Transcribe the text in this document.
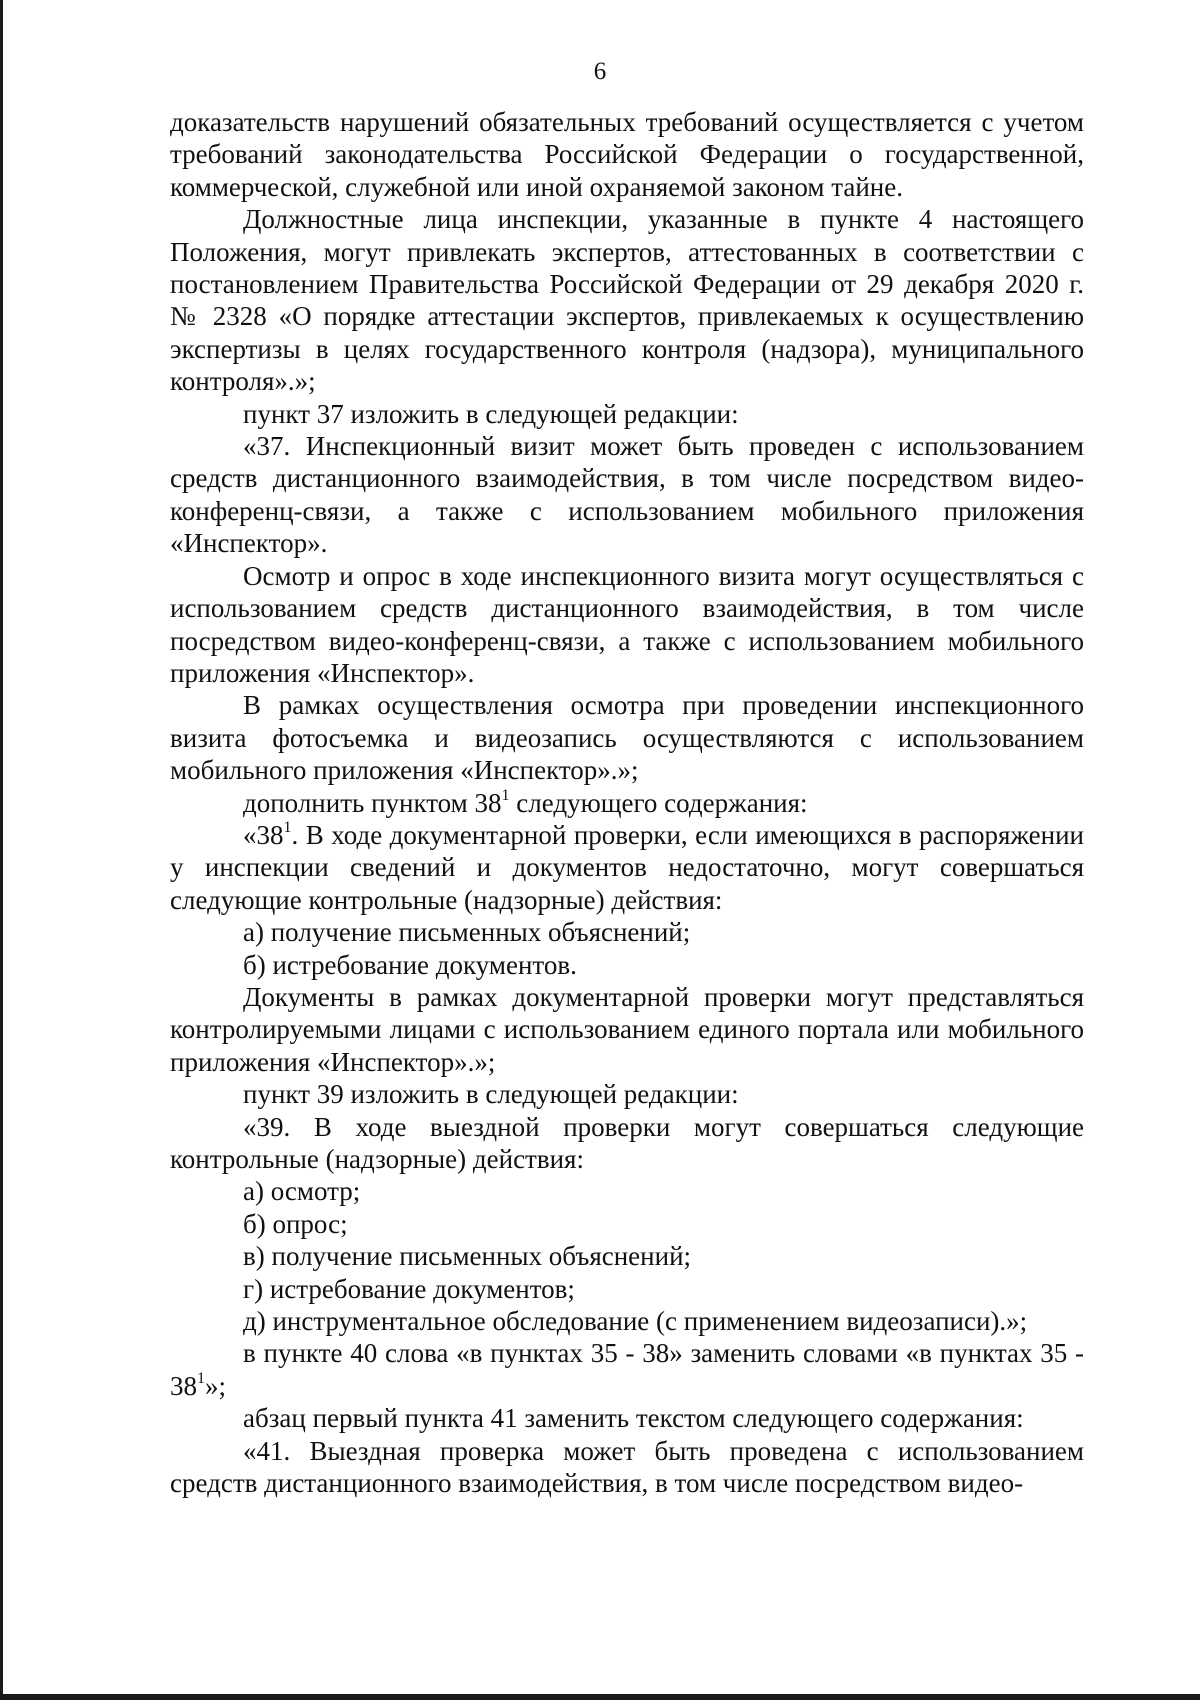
6

доказательств нарушений обязательных требований осуществляется с учетом требований законодательства Российской Федерации о государственной, коммерческой, служебной или иной охраняемой законом тайне.

Должностные лица инспекции, указанные в пункте 4 настоящего Положения, могут привлекать экспертов, аттестованных в соответствии с постановлением Правительства Российской Федерации от 29 декабря 2020 г. № 2328 «О порядке аттестации экспертов, привлекаемых к осуществлению экспертизы в целях государственного контроля (надзора), муниципального контроля».»;

пункт 37 изложить в следующей редакции:

«37. Инспекционный визит может быть проведен с использованием средств дистанционного взаимодействия, в том числе посредством видео-конференц-связи, а также с использованием мобильного приложения «Инспектор».

Осмотр и опрос в ходе инспекционного визита могут осуществляться с использованием средств дистанционного взаимодействия, в том числе посредством видео-конференц-связи, а также с использованием мобильного приложения «Инспектор».

В рамках осуществления осмотра при проведении инспекционного визита фотосъемка и видеозапись осуществляются с использованием мобильного приложения «Инспектор».»;

дополнить пунктом $38^1$ следующего содержания:

«$38^1$. В ходе документарной проверки, если имеющихся в распоряжении у инспекции сведений и документов недостаточно, могут совершаться следующие контрольные (надзорные) действия:

а) получение письменных объяснений;

б) истребование документов.

Документы в рамках документарной проверки могут представляться контролируемыми лицами с использованием единого портала или мобильного приложения «Инспектор».»;

пункт 39 изложить в следующей редакции:

«39. В ходе выездной проверки могут совершаться следующие контрольные (надзорные) действия:

а) осмотр;

б) опрос;

в) получение письменных объяснений;

г) истребование документов;

д) инструментальное обследование (с применением видеозаписи).»;

в пункте 40 слова «в пунктах 35 - 38» заменить словами «в пунктах $35 - 38^1$»;

абзац первый пункта 41 заменить текстом следующего содержания:

«41. Выездная проверка может быть проведена с использованием средств дистанционного взаимодействия, в том числе посредством видео-
